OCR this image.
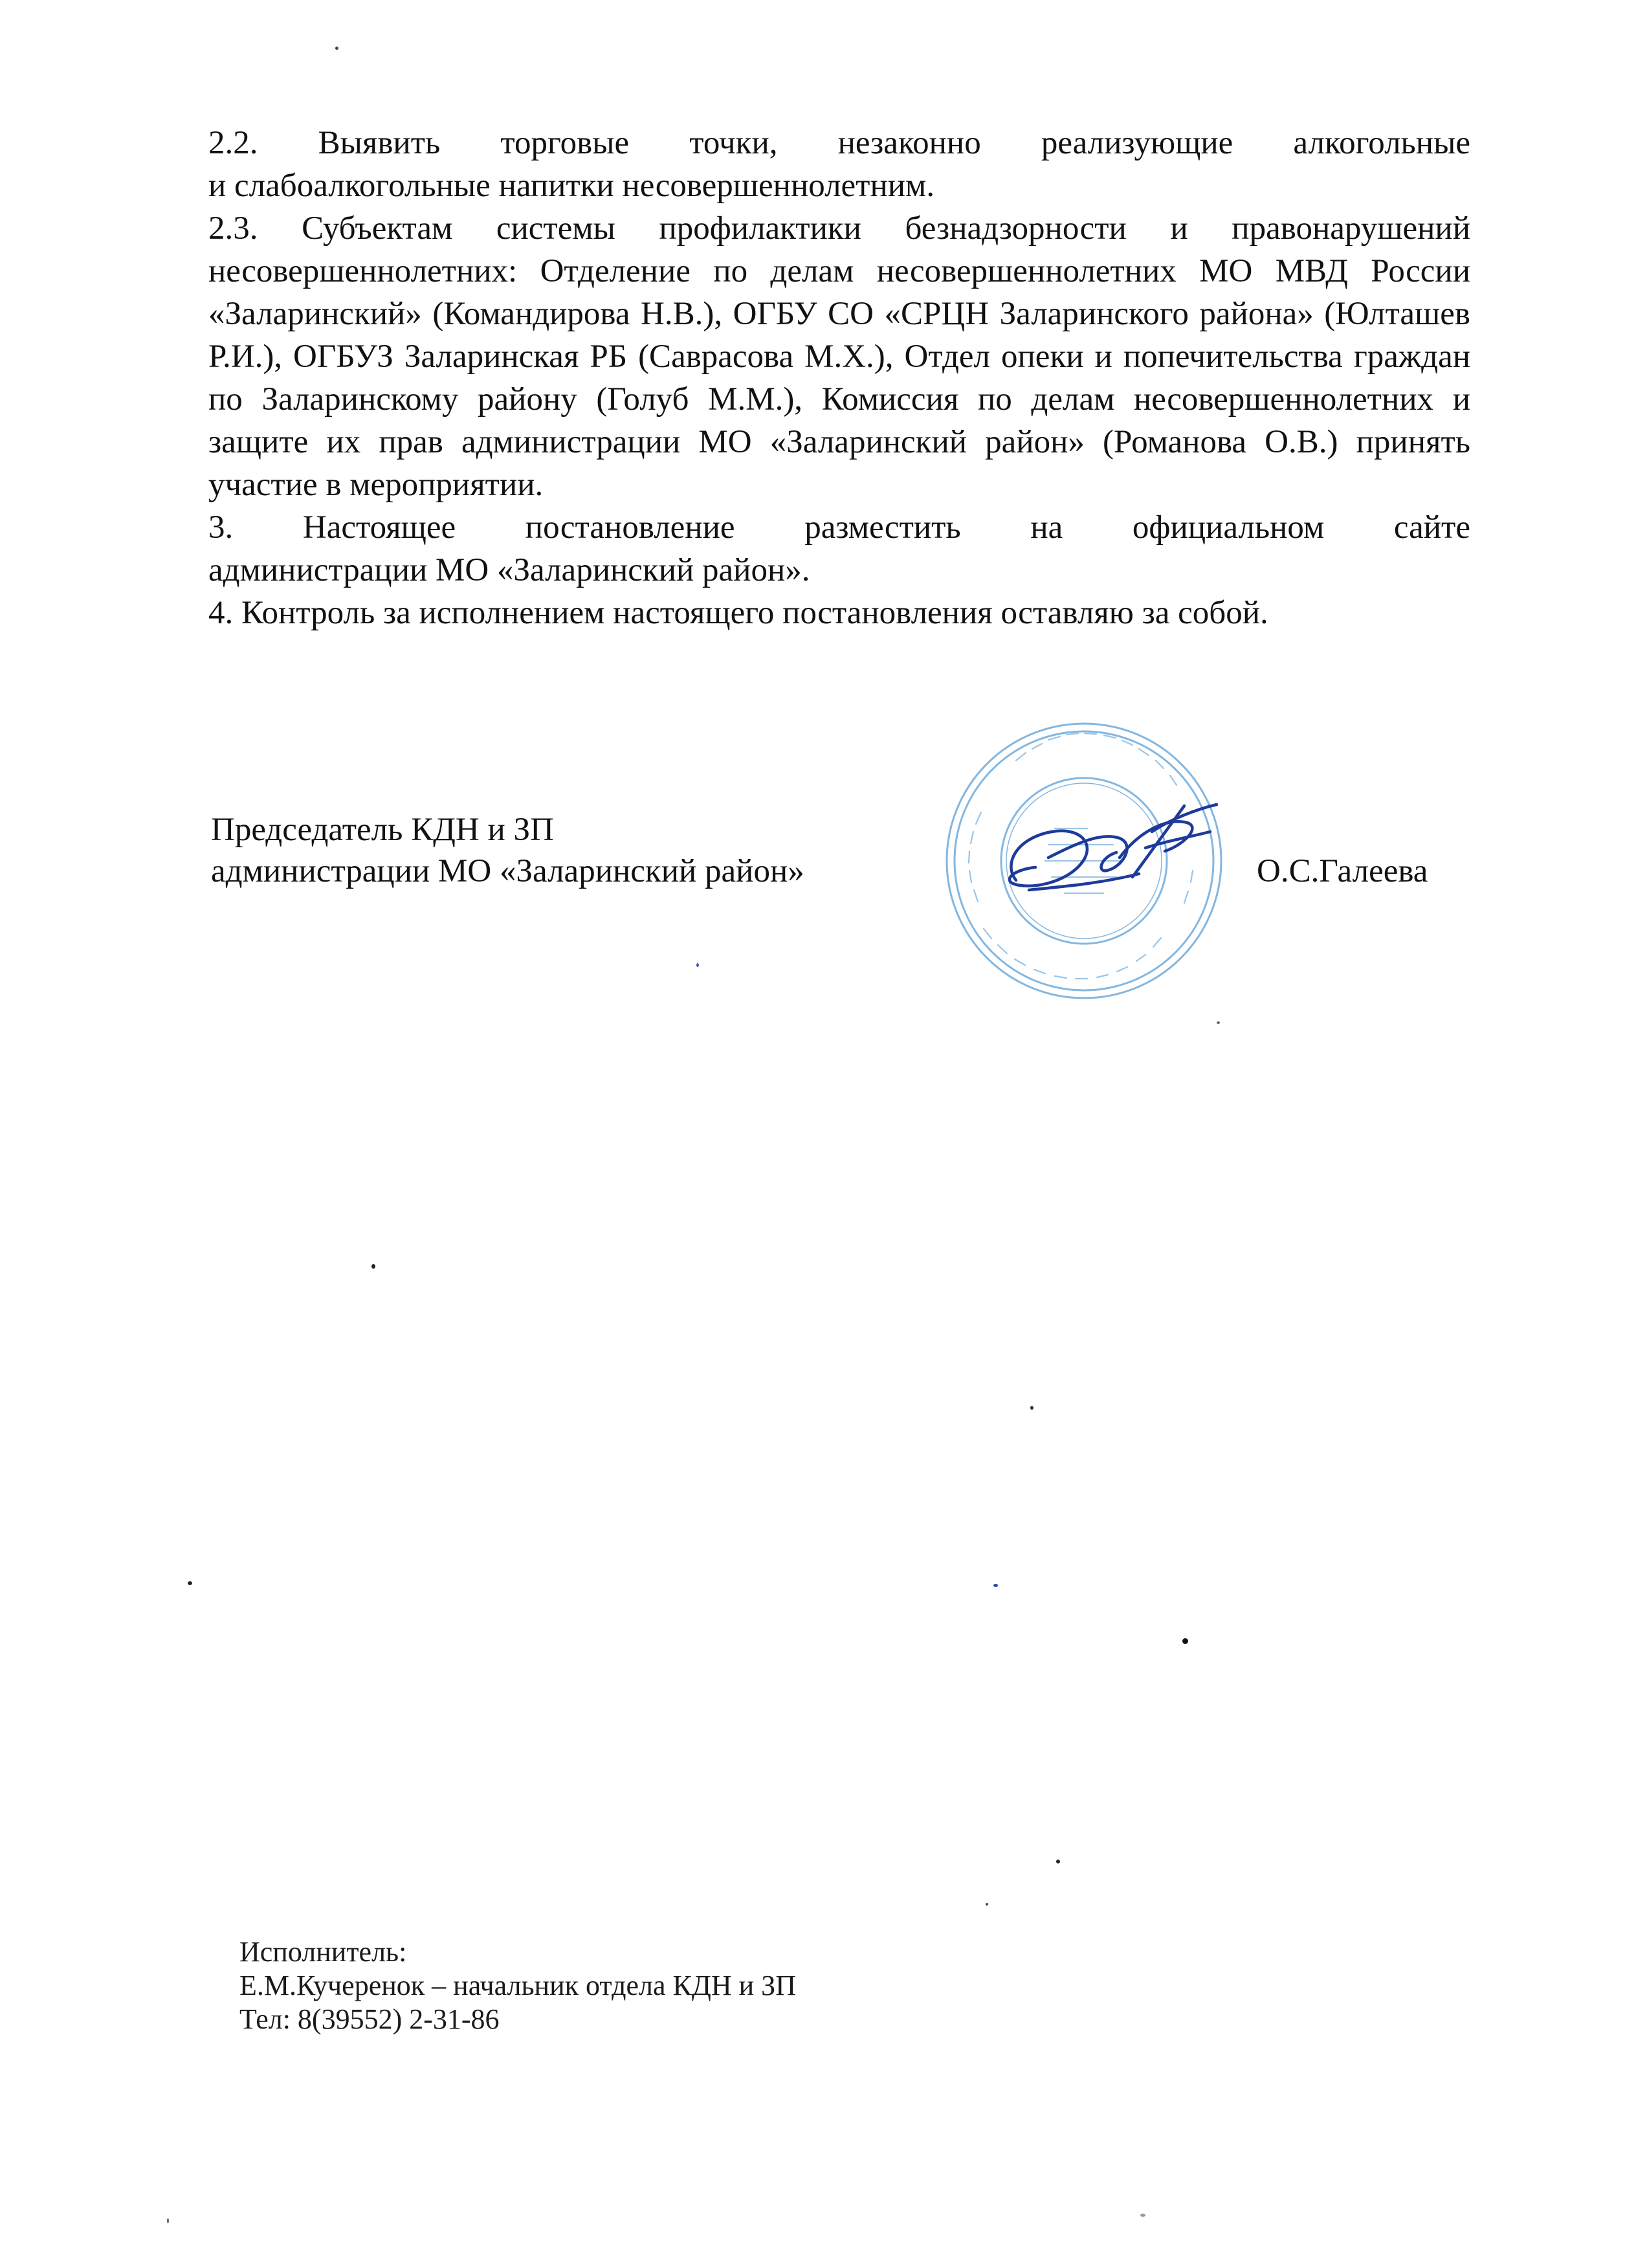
2.2. Выявить торговые точки, незаконно реализующие алкогольные

и слабоалкогольные напитки несовершеннолетним.

2.3. Субъектам системы профилактики безнадзорности и правонарушений несовершеннолетних: Отделение по делам несовершеннолетних МО МВД России «Заларинский» (Командирова Н.В.), ОГБУ СО «СРЦН Заларинского района» (Юлташев Р.И.), ОГБУЗ Заларинская РБ (Саврасова М.Х.), Отдел опеки и попечительства граждан по Заларинскому району (Голуб М.М.), Комиссия по делам несовершеннолетних и защите их прав администрации МО «Заларинский район» (Романова О.В.) принять участие в мероприятии.

3. Настоящее постановление разместить на официальном сайте

администрации МО «Заларинский район».

4. Контроль за исполнением настоящего постановления оставляю за собой.

Председатель КДН и ЗП
администрации МО «Заларинский район»	О.С.Галеева
Исполнитель:
Е.М.Кучеренок – начальник отдела КДН и ЗП
Тел: 8(39552) 2-31-86
